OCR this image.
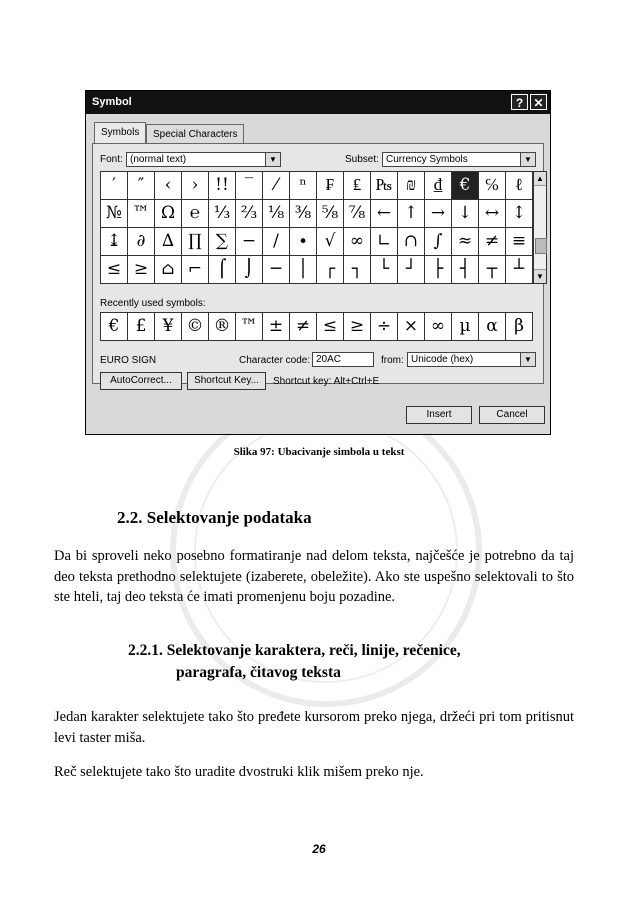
Symbol	? ✕
Symbols	Special Characters
Font: (normal text)	▼	Subset: Currency Symbols	▼
′	″	‹	› !! ‾	⁄	ⁿ	₣	₤ ₧ ₪	₫	€ ℅ ℓ
№ ™ Ω ℮ ⅓ ⅔ ⅛ ⅜ ⅝ ⅞ ← ↑ → ↓ ↔ ↕
↨ ∂ ∆ ∏ ∑ −	∕	∙	√ ∞ ∟ ∩ ∫ ≈ ≠ ≡
≤ ≥ ⌂ ⌐ ⌠	⌡	─ │ ┌ ┐ └ ┘ ├ ┤ ┬ ┴
▲
▼
Recently used symbols:
€ £ ¥ © ® ™ ± ≠ ≤ ≥ ÷ × ∞ µ α β
EURO SIGN	Character code: 20AC	from: Unicode (hex)	▼
AutoCorrect...	Shortcut Key...	Shortcut key: Alt+Ctrl+E
Insert	Cancel
Slika 97: Ubacivanje simbola u tekst
2.2. Selektovanje podataka
Da bi sproveli neko posebno formatiranje nad delom teksta, najčešće je potrebno da taj deo teksta prethodno selektujete (izaberete, obeležite). Ako ste uspešno selektovali to što ste hteli, taj deo teksta će imati promenjenu boju pozadine.
2.2.1. Selektovanje karaktera, reči, linije, rečenice,
paragrafa, čitavog teksta
Jedan karakter selektujete tako što pređete kursorom preko njega, držeći pri tom pritisnut levi taster miša.
Reč selektujete tako što uradite dvostruki klik mišem preko nje.
26
